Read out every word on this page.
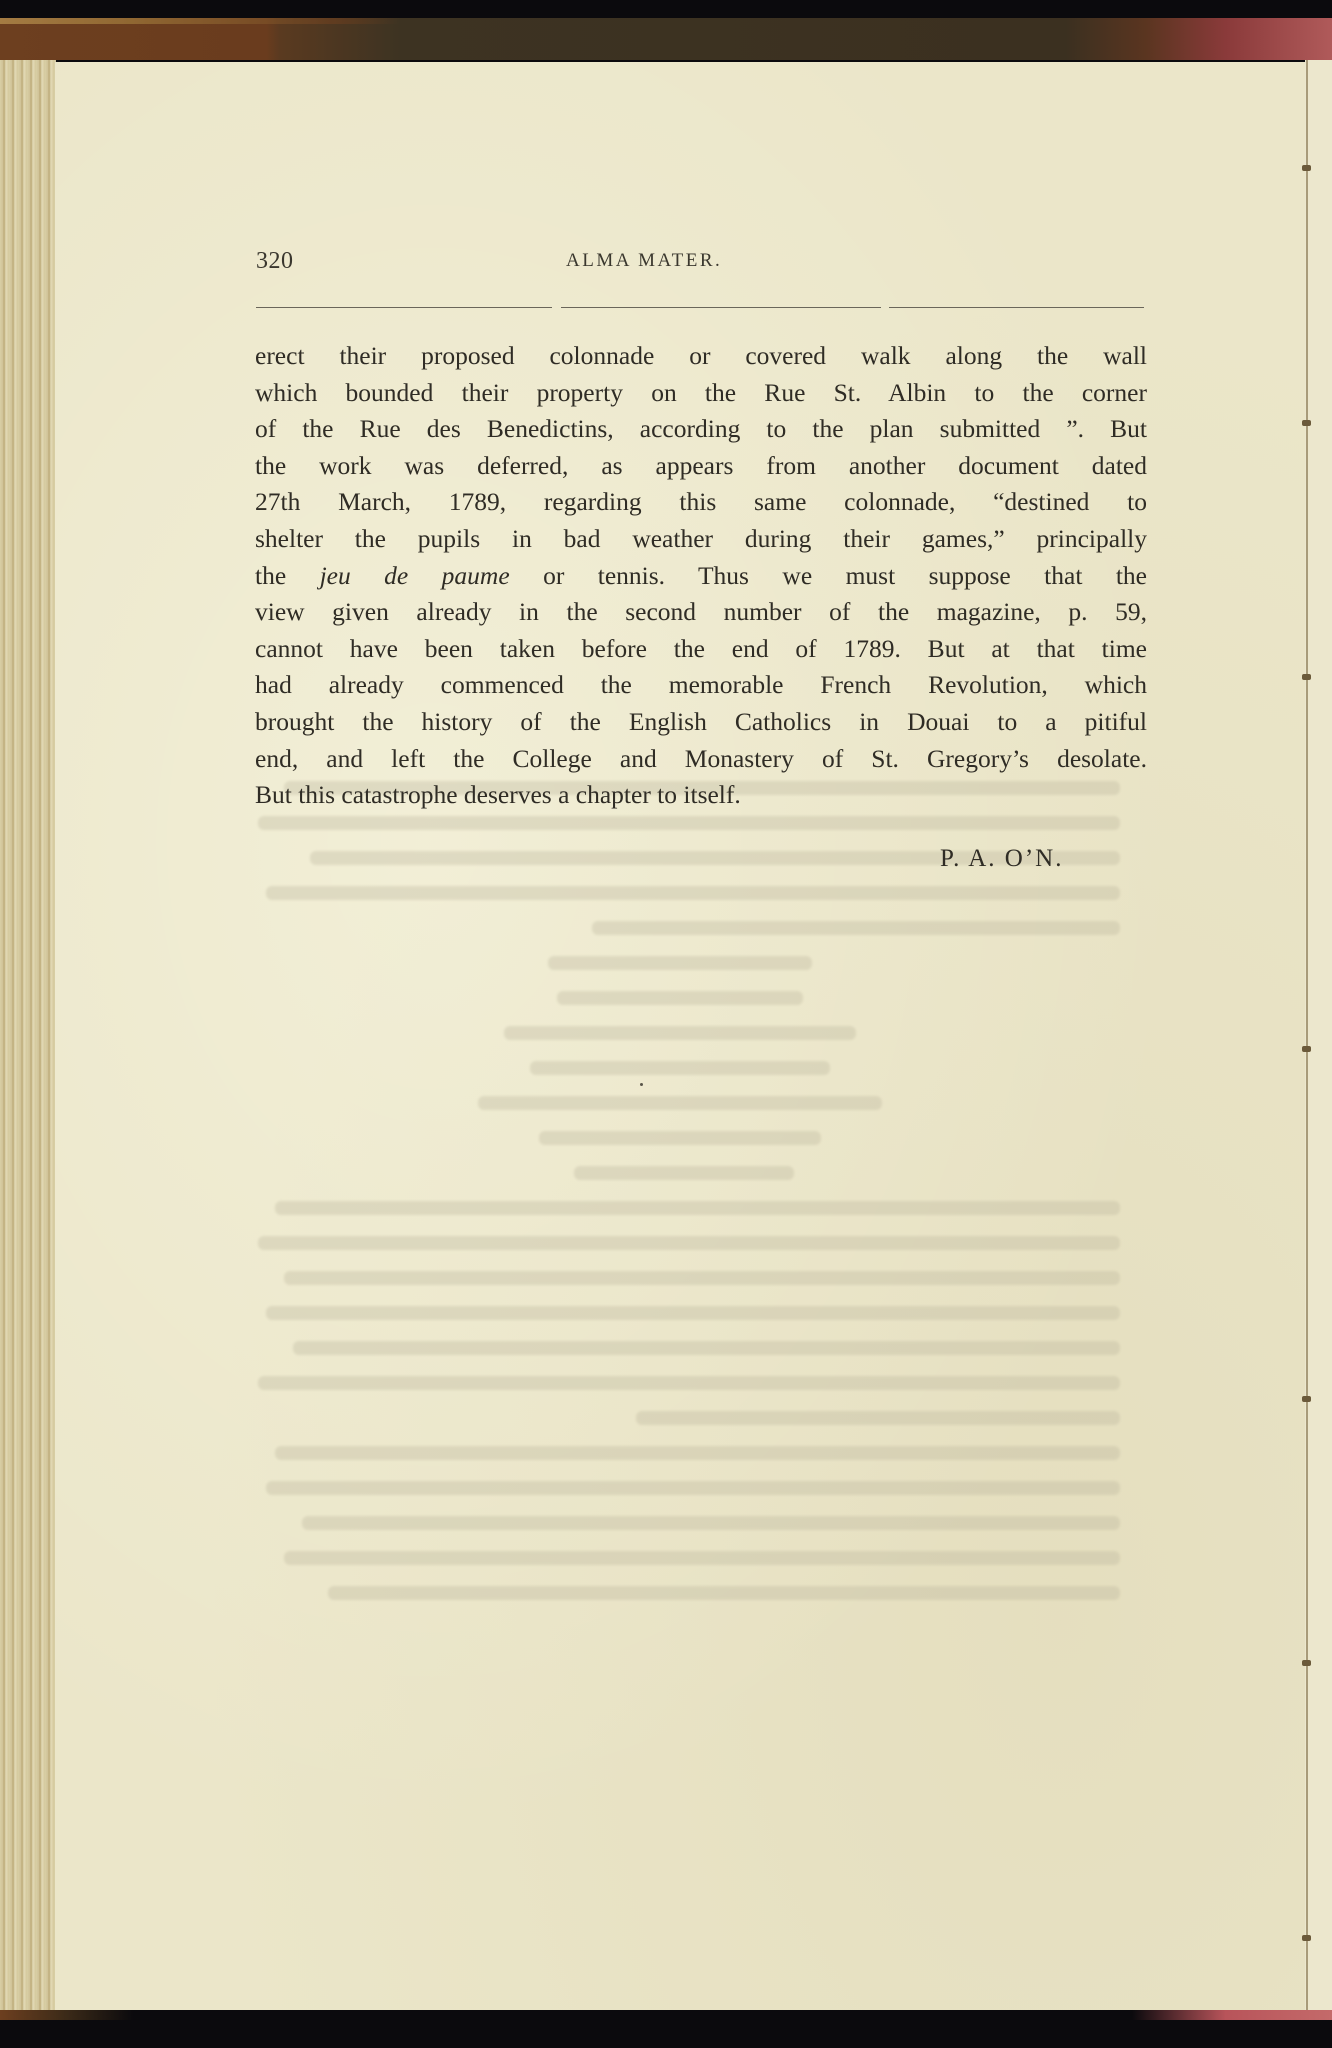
320	ALMA MATER.
erect their proposed colonnade or covered walk along the wall
which bounded their property on the Rue St. Albin to the corner
of the Rue des Benedictins, according to the plan submitted ”. But
the work was deferred, as appears from another document dated
27th March, 1789, regarding this same colonnade, “destined to
shelter the pupils in bad weather during their games,” principally
the jeu de paume or tennis. Thus we must suppose that the
view given already in the second number of the magazine, p. 59,
cannot have been taken before the end of 1789. But at that time
had already commenced the memorable French Revolution, which
brought the history of the English Catholics in Douai to a pitiful
end, and left the College and Monastery of St. Gregory’s desolate.
But this catastrophe deserves a chapter to itself.
P. A. O’N.
